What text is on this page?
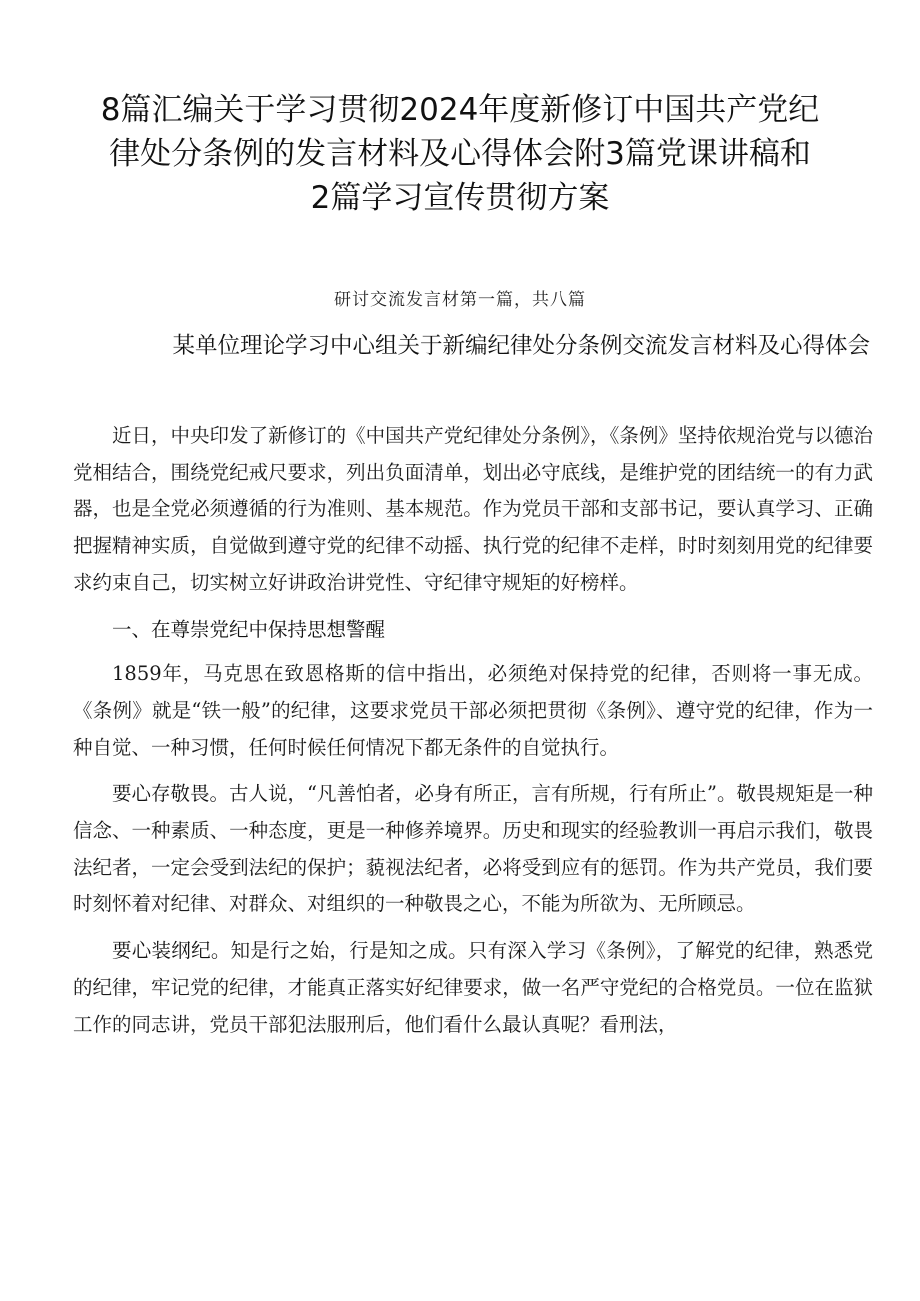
8篇汇编关于学习贯彻2024年度新修订中国共产党纪律处分条例的发言材料及心得体会附3篇党课讲稿和2篇学习宣传贯彻方案
研讨交流发言材第一篇，共八篇
某单位理论学习中心组关于新编纪律处分条例交流发言材料及心得体会

近日，中央印发了新修订的《中国共产党纪律处分条例》，《条例》坚持依规治党与以德治党相结合，围绕党纪戒尺要求，列出负面清单，划出必守底线，是维护党的团结统一的有力武器，也是全党必须遵循的行为准则、基本规范。作为党员干部和支部书记，要认真学习、正确把握精神实质，自觉做到遵守党的纪律不动摇、执行党的纪律不走样，时时刻刻用党的纪律要求约束自己，切实树立好讲政治讲党性、守纪律守规矩的好榜样。

一、在尊崇党纪中保持思想警醒

1859年，马克思在致恩格斯的信中指出，必须绝对保持党的纪律，否则将一事无成。《条例》就是“铁一般”的纪律，这要求党员干部必须把贯彻《条例》、遵守党的纪律，作为一种自觉、一种习惯，任何时候任何情况下都无条件的自觉执行。

要心存敬畏。古人说，“凡善怕者，必身有所正，言有所规，行有所止”。敬畏规矩是一种信念、一种素质、一种态度，更是一种修养境界。历史和现实的经验教训一再启示我们，敬畏法纪者，一定会受到法纪的保护；藐视法纪者，必将受到应有的惩罚。作为共产党员，我们要时刻怀着对纪律、对群众、对组织的一种敬畏之心，不能为所欲为、无所顾忌。

要心装纲纪。知是行之始，行是知之成。只有深入学习《条例》，了解党的纪律，熟悉党的纪律，牢记党的纪律，才能真正落实好纪律要求，做一名严守党纪的合格党员。一位在监狱工作的同志讲，党员干部犯法服刑后，他们看什么最认真呢？看刑法，
